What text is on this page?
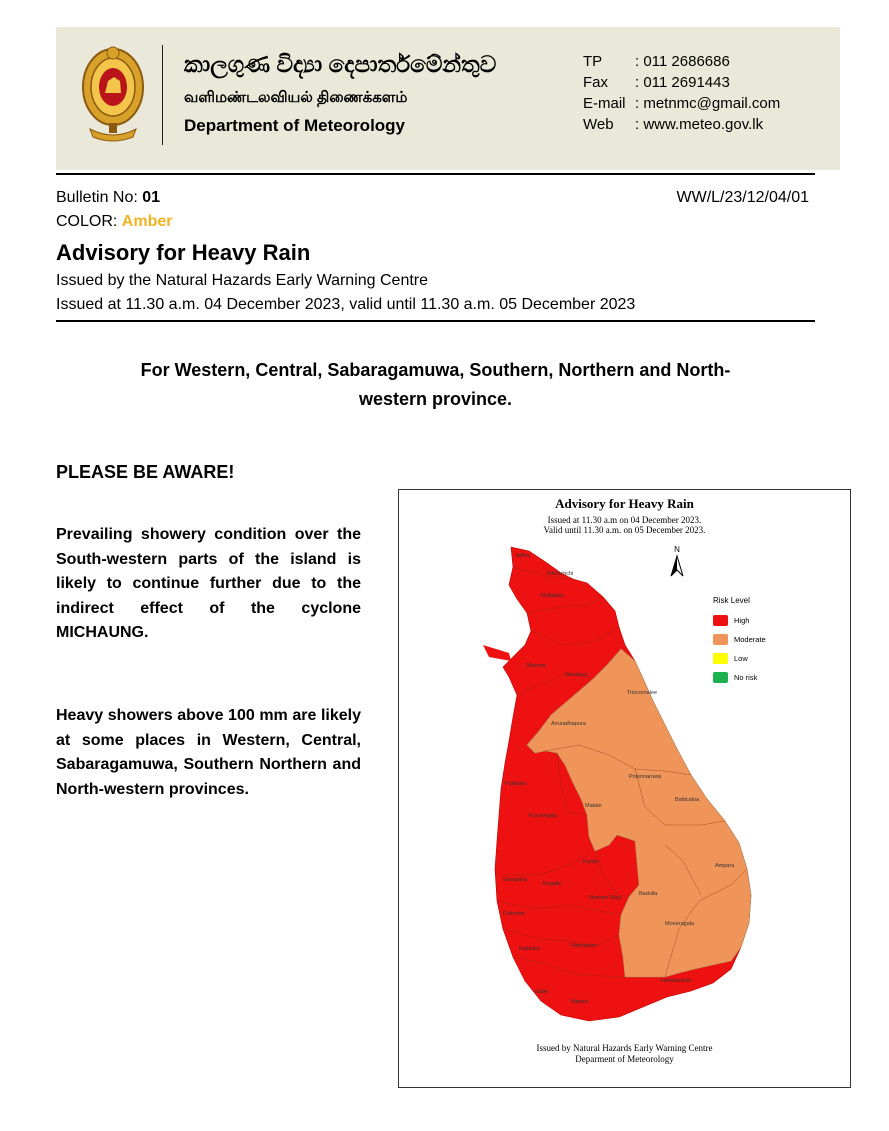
කාලගුණ විද්‍යා දෙපාර්තමේන්තුව
வளிமண்டலவியல் திணைக்களம்
Department of Meteorology
TP : 011 2686686
Fax : 011 2691443
E-mail : metnmc@gmail.com
Web : www.meteo.gov.lk
Bulletin No: 01	WW/L/23/12/04/01
COLOR: Amber
Advisory for Heavy Rain
Issued by the Natural Hazards Early Warning Centre
Issued at 11.30 a.m. 04 December 2023, valid until 11.30 a.m. 05 December 2023
For Western, Central, Sabaragamuwa, Southern, Northern and North-
western province.
PLEASE BE AWARE!

Prevailing showery condition over the South-western parts of the island is likely to continue further due to the indirect effect of the cyclone MICHAUNG.

Heavy showers above 100 mm are likely at some places in Western, Central, Sabaragamuwa, Southern Northern and North-western provinces.

Advisory for Heavy Rain
Issued at 11.30 a.m on 04 December 2023.
Valid until 11.30 a.m. on 05 December 2023.
N
Jaffna
Kilinochchi
Mullaitivu
Vavuniya
Mannar
Trincomalee
Anuradhapura
Puttalam
Polonnaruwa
Batticaloa
Matale
Kurunegala
Kandy
Ampara
Gampaha
Kegalle
Nuwara Eliya
Badulla
Colombo
Moneragala
Kalutara	Ratnapura
Galle
Matara
Hambantota
Risk Level
High
Moderate
Low
No risk
Issued by Natural Hazards Early Warning Centre
Deparment of Meteorology
